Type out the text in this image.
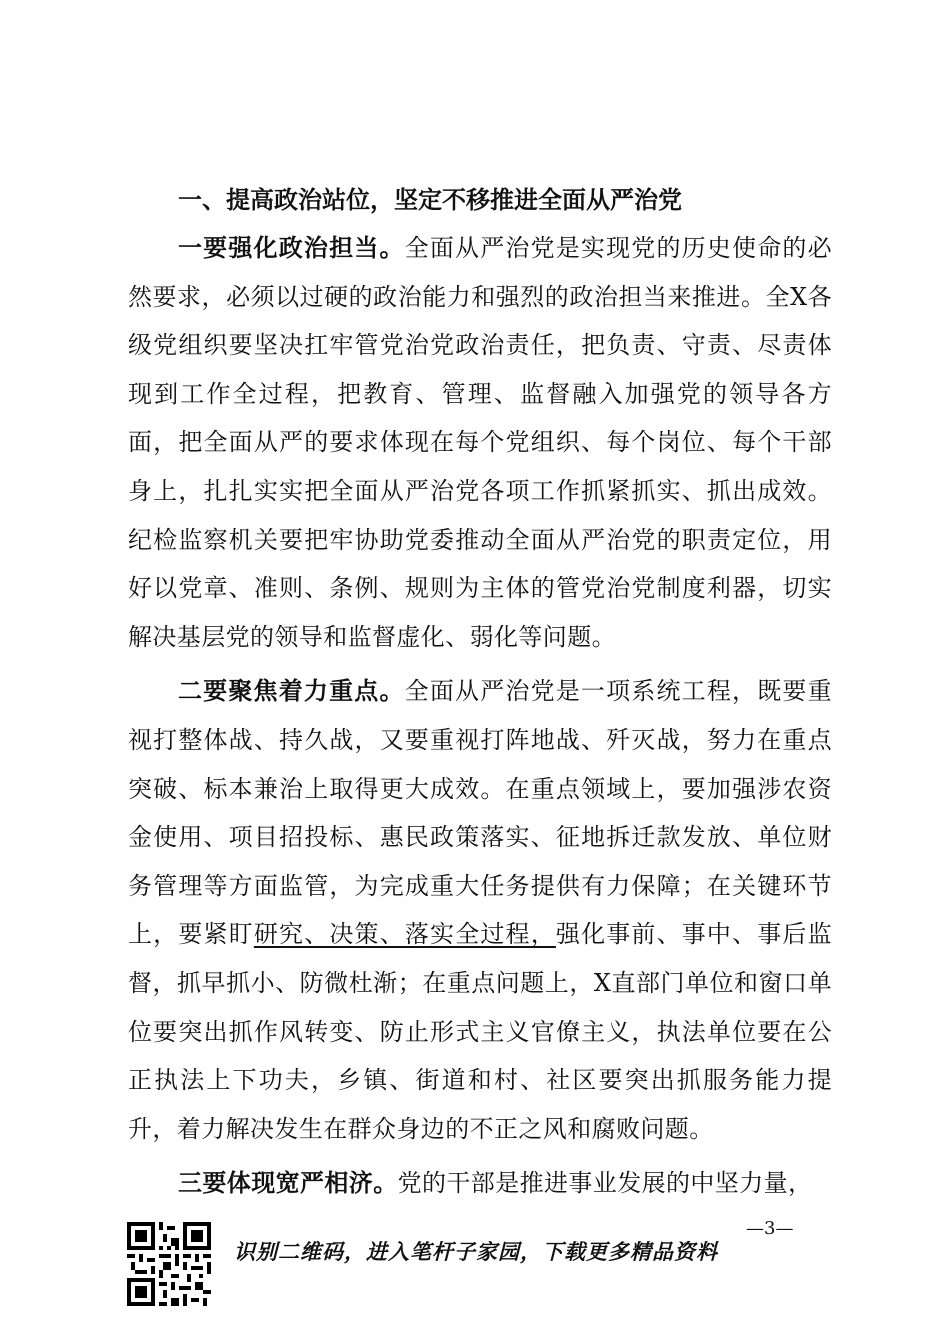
一、提高政治站位，坚定不移推进全面从严治党

一要强化政治担当。全面从严治党是实现党的历史使命的必然要求，必须以过硬的政治能力和强烈的政治担当来推进。全X各级党组织要坚决扛牢管党治党政治责任，把负责、守责、尽责体现到工作全过程，把教育、管理、监督融入加强党的领导各方面，把全面从严的要求体现在每个党组织、每个岗位、每个干部身上，扎扎实实把全面从严治党各项工作抓紧抓实、抓出成效。纪检监察机关要把牢协助党委推动全面从严治党的职责定位，用好以党章、准则、条例、规则为主体的管党治党制度利器，切实解决基层党的领导和监督虚化、弱化等问题。

二要聚焦着力重点。全面从严治党是一项系统工程，既要重视打整体战、持久战，又要重视打阵地战、歼灭战，努力在重点突破、标本兼治上取得更大成效。在重点领域上，要加强涉农资金使用、项目招投标、惠民政策落实、征地拆迁款发放、单位财务管理等方面监管，为完成重大任务提供有力保障；在关键环节上，要紧盯研究、决策、落实全过程，强化事前、事中、事后监督，抓早抓小、防微杜渐；在重点问题上，X直部门单位和窗口单位要突出抓作风转变、防止形式主义官僚主义，执法单位要在公正执法上下功夫，乡镇、街道和村、社区要突出抓服务能力提升，着力解决发生在群众身边的不正之风和腐败问题。

三要体现宽严相济。党的干部是推进事业发展的中坚力量，

识别二维码，进入笔杆子家园，下载更多精品资料
—3—
